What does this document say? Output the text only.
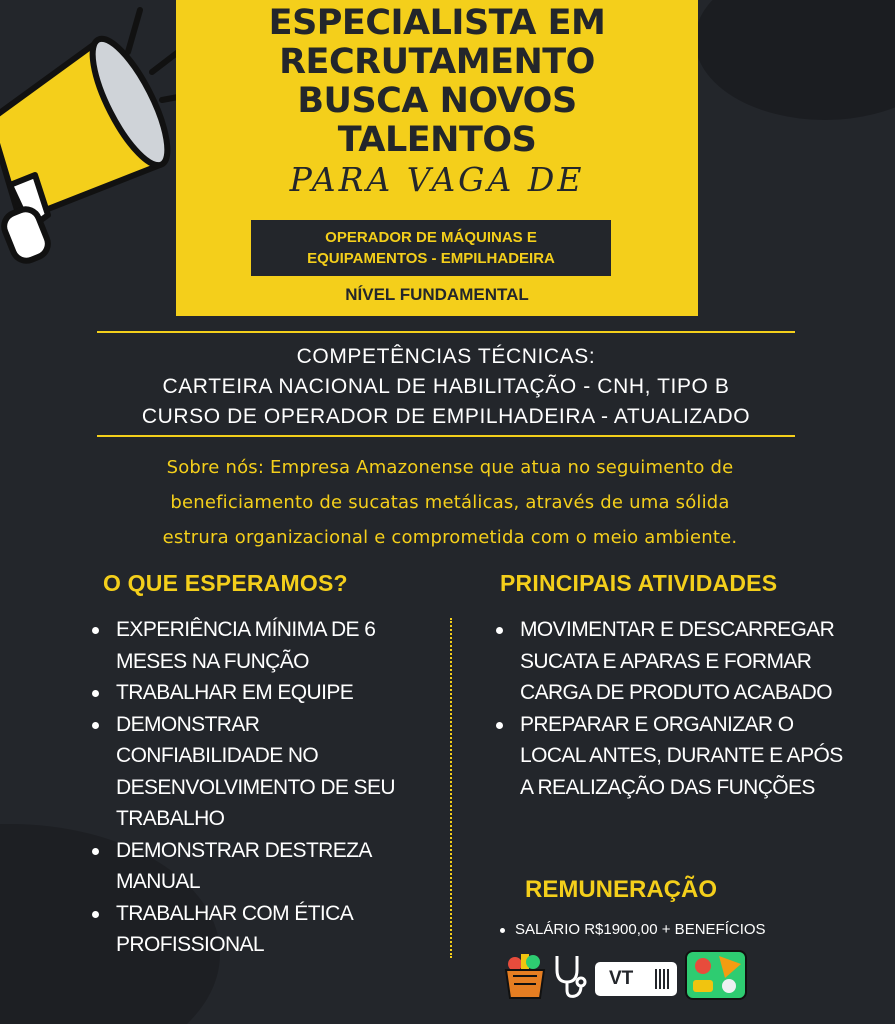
ESPECIALISTA EM
RECRUTAMENTO
BUSCA NOVOS
TALENTOS
PARA VAGA DE
OPERADOR DE MÁQUINAS E
EQUIPAMENTOS - EMPILHADEIRA
NÍVEL FUNDAMENTAL
COMPETÊNCIAS TÉCNICAS:
CARTEIRA NACIONAL DE HABILITAÇÃO - CNH, TIPO B
CURSO DE OPERADOR DE EMPILHADEIRA - ATUALIZADO
Sobre nós: Empresa Amazonense que atua no seguimento de
beneficiamento de sucatas metálicas, através de uma sólida
estrura organizacional e comprometida com o meio ambiente.
O QUE ESPERAMOS?
EXPERIÊNCIA MÍNIMA DE 6 MESES NA FUNÇÃO
TRABALHAR EM EQUIPE
DEMONSTRAR CONFIABILIDADE NO DESENVOLVIMENTO DE SEU TRABALHO
DEMONSTRAR DESTREZA MANUAL
TRABALHAR COM ÉTICA PROFISSIONAL
PRINCIPAIS ATIVIDADES
MOVIMENTAR E DESCARREGAR SUCATA E APARAS E FORMAR CARGA DE PRODUTO ACABADO
PREPARAR E ORGANIZAR O LOCAL ANTES, DURANTE E APÓS A REALIZAÇÃO DAS FUNÇÕES
REMUNERAÇÃO
SALÁRIO R$1900,00 + BENEFÍCIOS
VT
